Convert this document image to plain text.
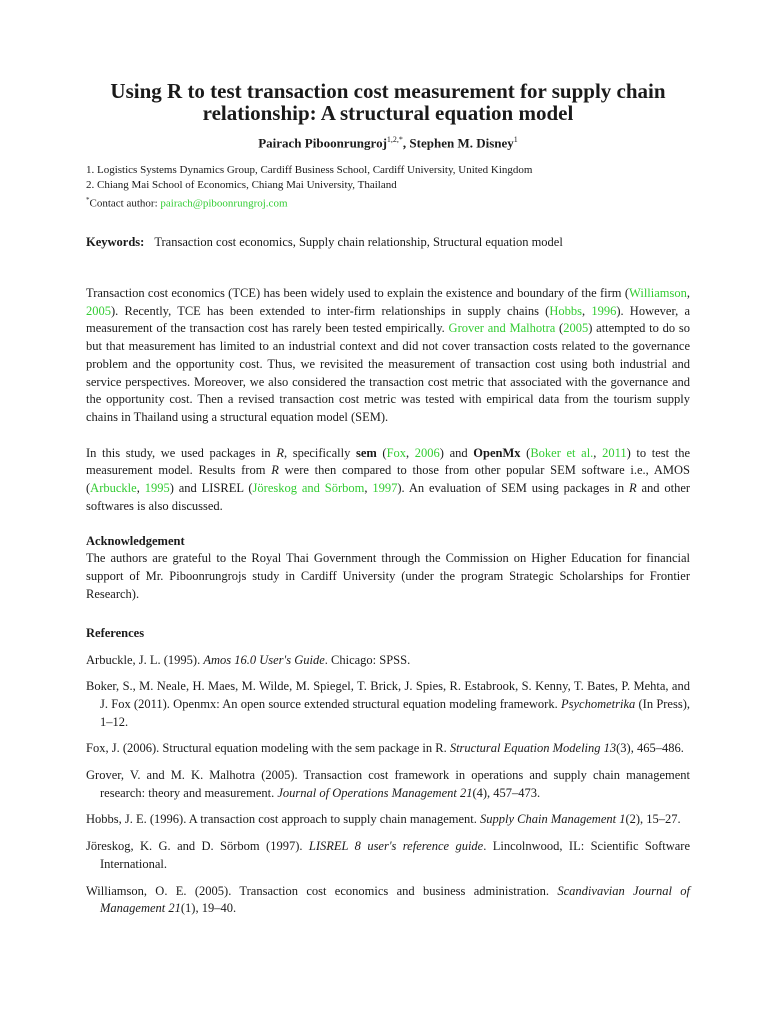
Using R to test transaction cost measurement for supply chain
relationship: A structural equation model
Pairach Piboonrungroj$^{1,2,*}$, Stephen M. Disney$^1$
1. Logistics Systems Dynamics Group, Cardiff Business School, Cardiff University, United Kingdom
2. Chiang Mai School of Economics, Chiang Mai University, Thailand
*Contact author: pairach@piboonrungroj.com
Keywords: Transaction cost economics, Supply chain relationship, Structural equation model

Transaction cost economics (TCE) has been widely used to explain the existence and boundary of the firm (Williamson, 2005). Recently, TCE has been extended to inter-firm relationships in supply chains (Hobbs, 1996). However, a measurement of the transaction cost has rarely been tested empirically. Grover and Malhotra (2005) attempted to do so but that measurement has limited to an industrial context and did not cover transaction costs related to the governance problem and the opportunity cost. Thus, we revisited the measurement of transaction cost using both industrial and service perspectives. Moreover, we also considered the transaction cost metric that associated with the governance and the opportunity cost. Then a revised transaction cost metric was tested with empirical data from the tourism supply chains in Thailand using a structural equation model (SEM).

In this study, we used packages in R, specifically sem (Fox, 2006) and OpenMx (Boker et al., 2011) to test the measurement model. Results from R were then compared to those from other popular SEM software i.e., AMOS (Arbuckle, 1995) and LISREL (Jöreskog and Sörbom, 1997). An evaluation of SEM using packages in R and other softwares is also discussed.

Acknowledgement

The authors are grateful to the Royal Thai Government through the Commission on Higher Education for financial support of Mr. Piboonrungrojs study in Cardiff University (under the program Strategic Scholarships for Frontier Research).

References
Arbuckle, J. L. (1995). Amos 16.0 User's Guide. Chicago: SPSS.
Boker, S., M. Neale, H. Maes, M. Wilde, M. Spiegel, T. Brick, J. Spies, R. Estabrook, S. Kenny, T. Bates, P. Mehta, and J. Fox (2011). Openmx: An open source extended structural equation modeling framework. Psychometrika (In Press), 1–12.
Fox, J. (2006). Structural equation modeling with the sem package in R. Structural Equation Modeling 13(3), 465–486.
Grover, V. and M. K. Malhotra (2005). Transaction cost framework in operations and supply chain management research: theory and measurement. Journal of Operations Management 21(4), 457–473.
Hobbs, J. E. (1996). A transaction cost approach to supply chain management. Supply Chain Management 1(2), 15–27.
Jöreskog, K. G. and D. Sörbom (1997). LISREL 8 user's reference guide. Lincolnwood, IL: Scientific Software International.
Williamson, O. E. (2005). Transaction cost economics and business administration. Scandivavian Journal of Management 21(1), 19–40.
